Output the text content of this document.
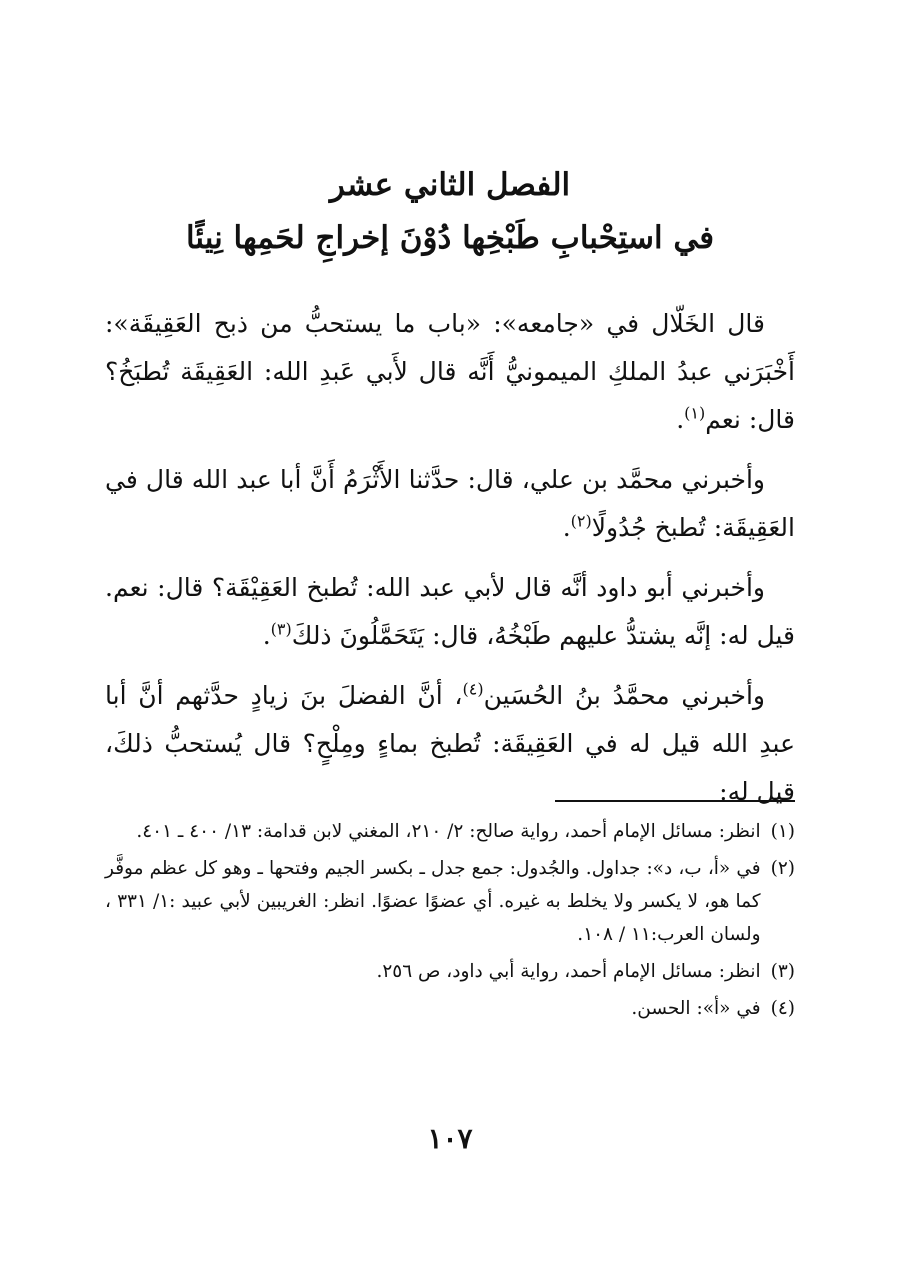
الفصل الثاني عشر
في استِحْبابِ طَبْخِها دُوْنَ إخراجِ لحَمِها نِيئًا

قال الخَلّال في «جامعه»: «باب ما يستحبُّ من ذبح العَقِيقَة»: أَخْبَرَني عبدُ الملكِ الميمونيُّ أَنَّه قال لأَبي عَبدِ الله: العَقِيقَة تُطبَخُ؟ قال: نعم$^{(١)}$.

وأخبرني محمَّد بن علي، قال: حدَّثنا الأَثْرَمُ أَنَّ أبا عبد الله قال في العَقِيقَة: تُطبخ جُدُولًا$^{(٢)}$.

وأخبرني أبو داود أنَّه قال لأبي عبد الله: تُطبخ العَقِيْقَة؟ قال: نعم. قيل له: إنَّه يشتدُّ عليهم طَبْخُهُ، قال: يَتَحَمَّلُونَ ذلكَ$^{(٣)}$.

وأخبرني محمَّدُ بنُ الحُسَين$^{(٤)}$، أنَّ الفضلَ بنَ زيادٍ حدَّثهم أنَّ أبا عبدِ الله قيل له في العَقِيقَة: تُطبخ بماءٍ ومِلْحٍ؟ قال يُستحبُّ ذلكَ، قيل له:

(١)
انظر: مسائل الإمام أحمد، رواية صالح: ٢/ ٢١٠، المغني لابن قدامة: ١٣/ ٤٠٠ ـ ٤٠١.
(٢)
في «أ، ب، د»: جداول. والجُدول: جمع جدل ـ بكسر الجيم وفتحها ـ وهو كل عظم موفَّر كما هو، لا يكسر ولا يخلط به غيره. أي عضوًا عضوًا. انظر: الغريبين لأبي عبيد :١/ ٣٣١ ، ولسان العرب:١١ / ١٠٨.
(٣)
انظر: مسائل الإمام أحمد، رواية أبي داود، ص ٢٥٦.
(٤)
في «أ»: الحسن.
١٠٧
